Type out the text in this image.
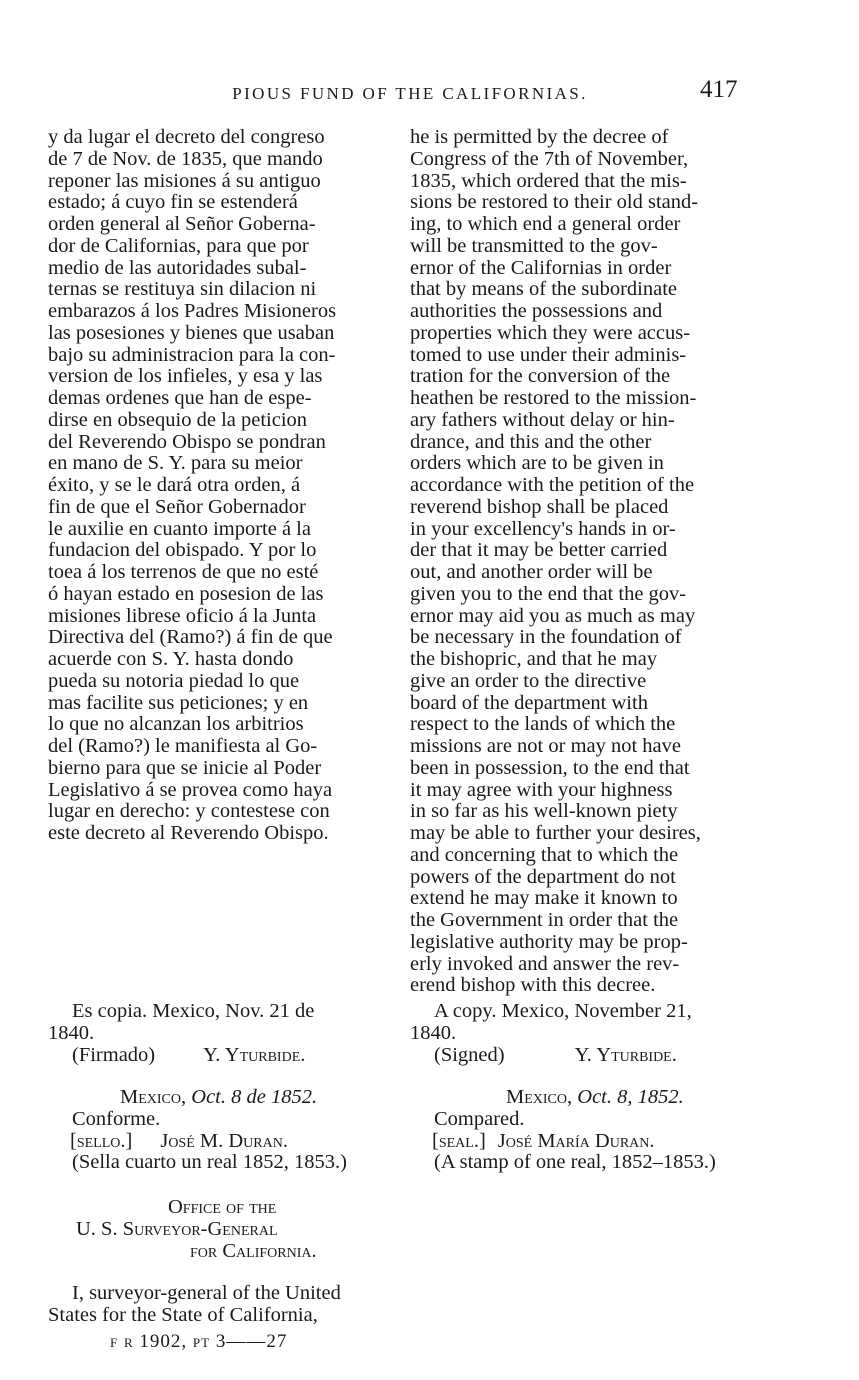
PIOUS FUND OF THE CALIFORNIAS.	417
y da lugar el decreto del congreso
de 7 de Nov. de 1835, que mando
reponer las misiones á su antiguo
estado; á cuyo fin se estenderá
orden general al Señor Goberna-
dor de Californias, para que por
medio de las autoridades subal-
ternas se restituya sin dilacion ni
embarazos á los Padres Misioneros
las posesiones y bienes que usaban
bajo su administracion para la con-
version de los infieles, y esa y las
demas ordenes que han de espe-
dirse en obsequio de la peticion
del Reverendo Obispo se pondran
en mano de S. Y. para su meior
éxito, y se le dará otra orden, á
fin de que el Señor Gobernador
le auxilie en cuanto importe á la
fundacion del obispado. Y por lo
toea á los terrenos de que no esté
ó hayan estado en posesion de las
misiones librese oficio á la Junta
Directiva del (Ramo?) á fin de que
acuerde con S. Y. hasta dondo
pueda su notoria piedad lo que
mas facilite sus peticiones; y en
lo que no alcanzan los arbitrios
del (Ramo?) le manifiesta al Go-
bierno para que se inicie al Poder
Legislativo á se provea como haya
lugar en derecho: y contestese con
este decreto al Reverendo Obispo.
he is permitted by the decree of
Congress of the 7th of November,
1835, which ordered that the mis-
sions be restored to their old stand-
ing, to which end a general order
will be transmitted to the gov-
ernor of the Californias in order
that by means of the subordinate
authorities the possessions and
properties which they were accus-
tomed to use under their adminis-
tration for the conversion of the
heathen be restored to the mission-
ary fathers without delay or hin-
drance, and this and the other
orders which are to be given in
accordance with the petition of the
reverend bishop shall be placed
in your excellency's hands in or-
der that it may be better carried
out, and another order will be
given you to the end that the gov-
ernor may aid you as much as may
be necessary in the foundation of
the bishopric, and that he may
give an order to the directive
board of the department with
respect to the lands of which the
missions are not or may not have
been in possession, to the end that
it may agree with your highness
in so far as his well-known piety
may be able to further your desires,
and concerning that to which the
powers of the department do not
extend he may make it known to
the Government in order that the
legislative authority may be prop-
erly invoked and answer the rev-
erend bishop with this decree.
Es copia. Mexico, Nov. 21 de
1840.
(Firmado) Y. Yturbide.
A copy. Mexico, November 21,
1840.
(Signed)	Y. Yturbide.
Mexico, Oct. 8 de 1852.
Conforme.
[sello.] José M. Duran.
(Sella cuarto un real 1852, 1853.)
Mexico, Oct. 8, 1852.
Compared.
[seal.] José María Duran.
(A stamp of one real, 1852–1853.)
Office of the
U. S. Surveyor-General
for California.

I, surveyor-general of the United

States for the State of California,
f r 1902, pt 3——27
